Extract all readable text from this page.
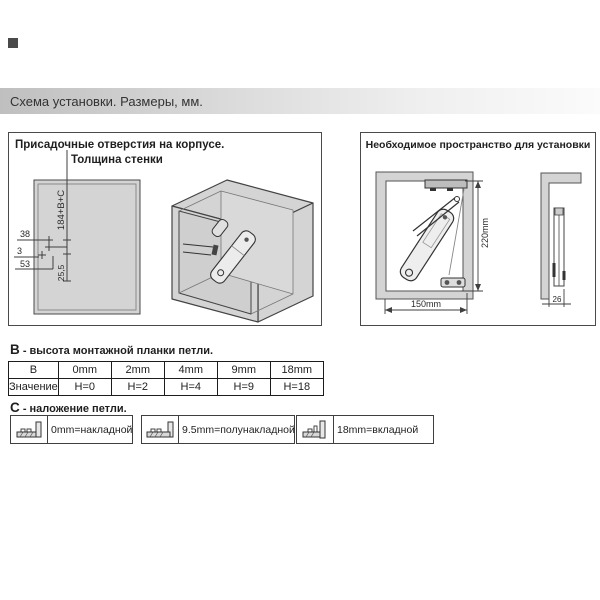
Схема установки. Размеры, мм.
Присадочные отверстия на корпусе.
Толщина стенки
38
3
53
184+B+C
25,5
Необходимое пространство для установки
220mm
150mm	26
B - высота монтажной планки петли.
B	0mm	2mm	4mm	9mm	18mm
Значение	H=0	H=2	H=4	H=9	H=18
C - наложение петли.
0mm=накладной	9.5mm=полунакладной	18mm=вкладной
